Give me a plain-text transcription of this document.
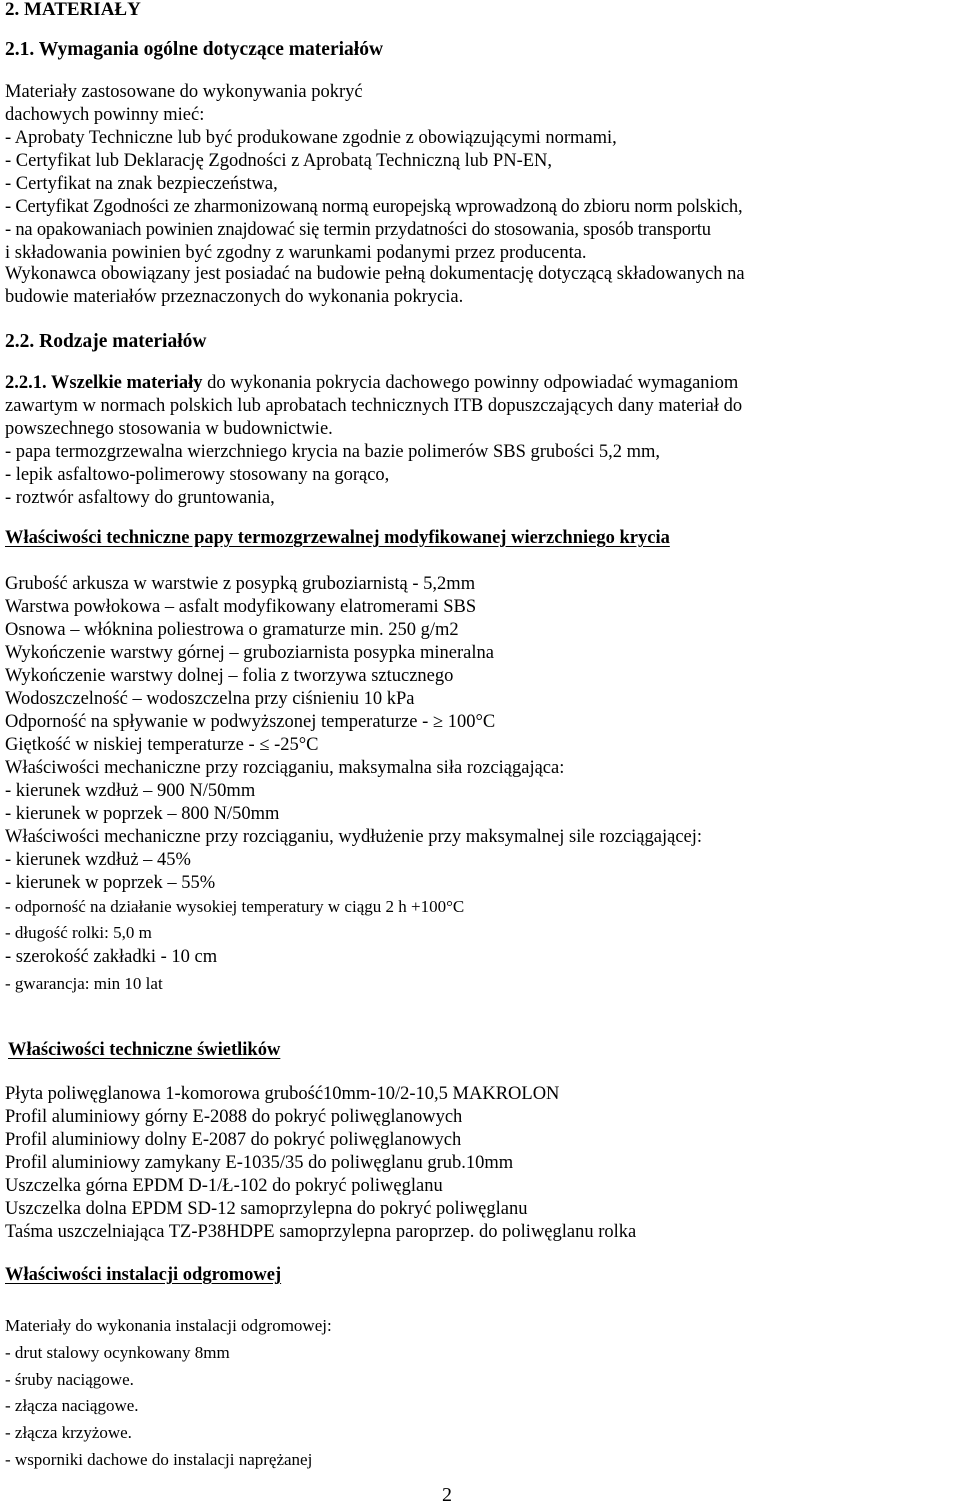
2. MATERIAŁY
2.1. Wymagania ogólne dotyczące materiałów
Materiały zastosowane do wykonywania pokryć
dachowych powinny mieć:
- Aprobaty Techniczne lub być produkowane zgodnie z obowiązującymi normami,
- Certyfikat lub Deklarację Zgodności z Aprobatą Techniczną lub PN-EN,
- Certyfikat na znak bezpieczeństwa,
- Certyfikat Zgodności ze zharmonizowaną normą europejską wprowadzoną do zbioru norm polskich,
- na opakowaniach powinien znajdować się termin przydatności do stosowania, sposób transportu
i składowania powinien być zgodny z warunkami podanymi przez producenta.
Wykonawca obowiązany jest posiadać na budowie pełną dokumentację dotyczącą składowanych na
budowie materiałów przeznaczonych do wykonania pokrycia.
2.2. Rodzaje materiałów
2.2.1. Wszelkie materiały do wykonania pokrycia dachowego powinny odpowiadać wymaganiom
zawartym w normach polskich lub aprobatach technicznych ITB dopuszczających dany materiał do
powszechnego stosowania w budownictwie.
- papa termozgrzewalna wierzchniego krycia na bazie polimerów SBS grubości 5,2 mm,
- lepik asfaltowo-polimerowy stosowany na gorąco,
- roztwór asfaltowy do gruntowania,
Właściwości techniczne papy termozgrzewalnej modyfikowanej wierzchniego krycia
Grubość arkusza w warstwie z posypką gruboziarnistą - 5,2mm
Warstwa powłokowa – asfalt modyfikowany elatromerami SBS
Osnowa – włóknina poliestrowa o gramaturze min. 250 g/m2
Wykończenie warstwy górnej – gruboziarnista posypka mineralna
Wykończenie warstwy dolnej – folia z tworzywa sztucznego
Wodoszczelność – wodoszczelna przy ciśnieniu 10 kPa
Odporność na spływanie w podwyższonej temperaturze - ≥ 100°C
Giętkość w niskiej temperaturze - ≤ -25°C
Właściwości mechaniczne przy rozciąganiu, maksymalna siła rozciągająca:
- kierunek wzdłuż – 900 N/50mm
- kierunek w poprzek – 800 N/50mm
Właściwości mechaniczne przy rozciąganiu, wydłużenie przy maksymalnej sile rozciągającej:
- kierunek wzdłuż – 45%
- kierunek w poprzek – 55%
- odporność na działanie wysokiej temperatury w ciągu 2 h +100°C
- długość rolki: 5,0 m
- szerokość zakładki - 10 cm
- gwarancja: min 10 lat
Właściwości techniczne świetlików
Płyta poliwęglanowa 1-komorowa grubość10mm-10/2-10,5 MAKROLON
Profil aluminiowy górny E-2088 do pokryć poliwęglanowych
Profil aluminiowy dolny E-2087 do pokryć poliwęglanowych
Profil aluminiowy zamykany E-1035/35 do poliwęglanu grub.10mm
Uszczelka górna EPDM D-1/Ł-102 do pokryć poliwęglanu
Uszczelka dolna EPDM SD-12 samoprzylepna do pokryć poliwęglanu
Taśma uszczelniająca TZ-P38HDPE samoprzylepna paroprzep. do poliwęglanu rolka
Właściwości instalacji odgromowej
Materiały do wykonania instalacji odgromowej:
- drut stalowy ocynkowany 8mm
- śruby naciągowe.
- złącza naciągowe.
- złącza krzyżowe.
- wsporniki dachowe do instalacji naprężanej
2
